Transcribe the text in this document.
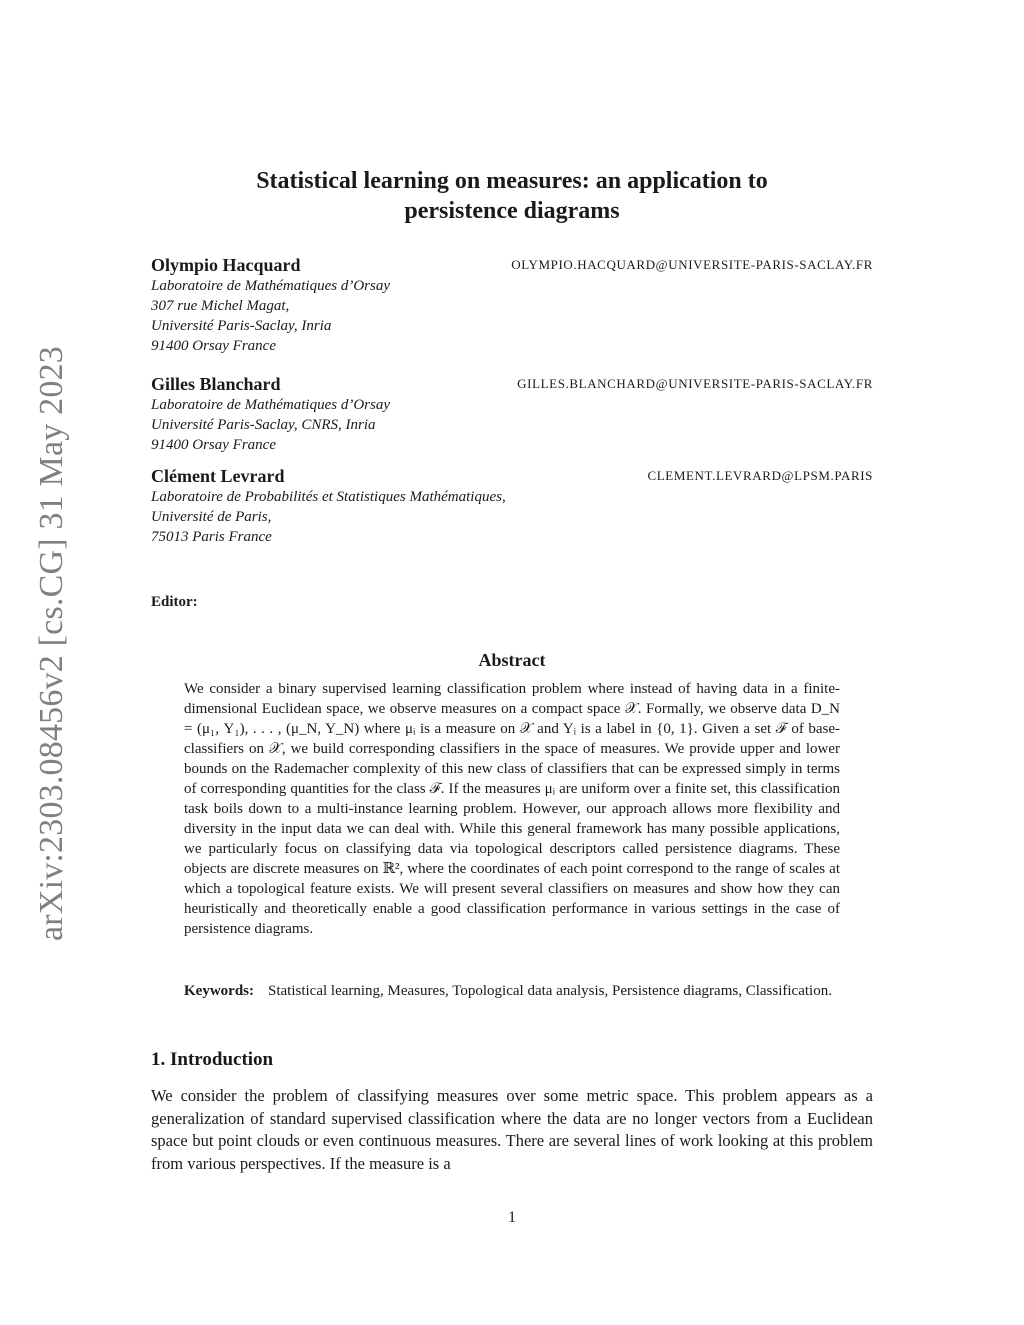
arXiv:2303.08456v2 [cs.CG] 31 May 2023
Statistical learning on measures: an application to
persistence diagrams
Olympio Hacquard	OLYMPIO.HACQUARD@UNIVERSITE-PARIS-SACLAY.FR
Laboratoire de Mathématiques d’Orsay
307 rue Michel Magat,
Université Paris-Saclay, Inria
91400 Orsay France
Gilles Blanchard	GILLES.BLANCHARD@UNIVERSITE-PARIS-SACLAY.FR
Laboratoire de Mathématiques d’Orsay
Université Paris-Saclay, CNRS, Inria
91400 Orsay France
Clément Levrard	CLEMENT.LEVRARD@LPSM.PARIS
Laboratoire de Probabilités et Statistiques Mathématiques,
Université de Paris,
75013 Paris France
Editor:
Abstract
We consider a binary supervised learning classification problem where instead of having data in a finite-dimensional Euclidean space, we observe measures on a compact space 𝒳. Formally, we observe data D_N = (μ₁, Y₁), . . . , (μ_N, Y_N) where μᵢ is a measure on 𝒳 and Yᵢ is a label in {0, 1}. Given a set ℱ of base-classifiers on 𝒳, we build corresponding classifiers in the space of measures. We provide upper and lower bounds on the Rademacher complexity of this new class of classifiers that can be expressed simply in terms of corresponding quantities for the class ℱ. If the measures μᵢ are uniform over a finite set, this classification task boils down to a multi-instance learning problem. However, our approach allows more flexibility and diversity in the input data we can deal with. While this general framework has many possible applications, we particularly focus on classifying data via topological descriptors called persistence diagrams. These objects are discrete measures on ℝ², where the coordinates of each point correspond to the range of scales at which a topological feature exists. We will present several classifiers on measures and show how they can heuristically and theoretically enable a good classification performance in various settings in the case of persistence diagrams.
Keywords: Statistical learning, Measures, Topological data analysis, Persistence diagrams, Classification.
1. Introduction
We consider the problem of classifying measures over some metric space. This problem appears as a generalization of standard supervised classification where the data are no longer vectors from a Euclidean space but point clouds or even continuous measures. There are several lines of work looking at this problem from various perspectives. If the measure is a
1
